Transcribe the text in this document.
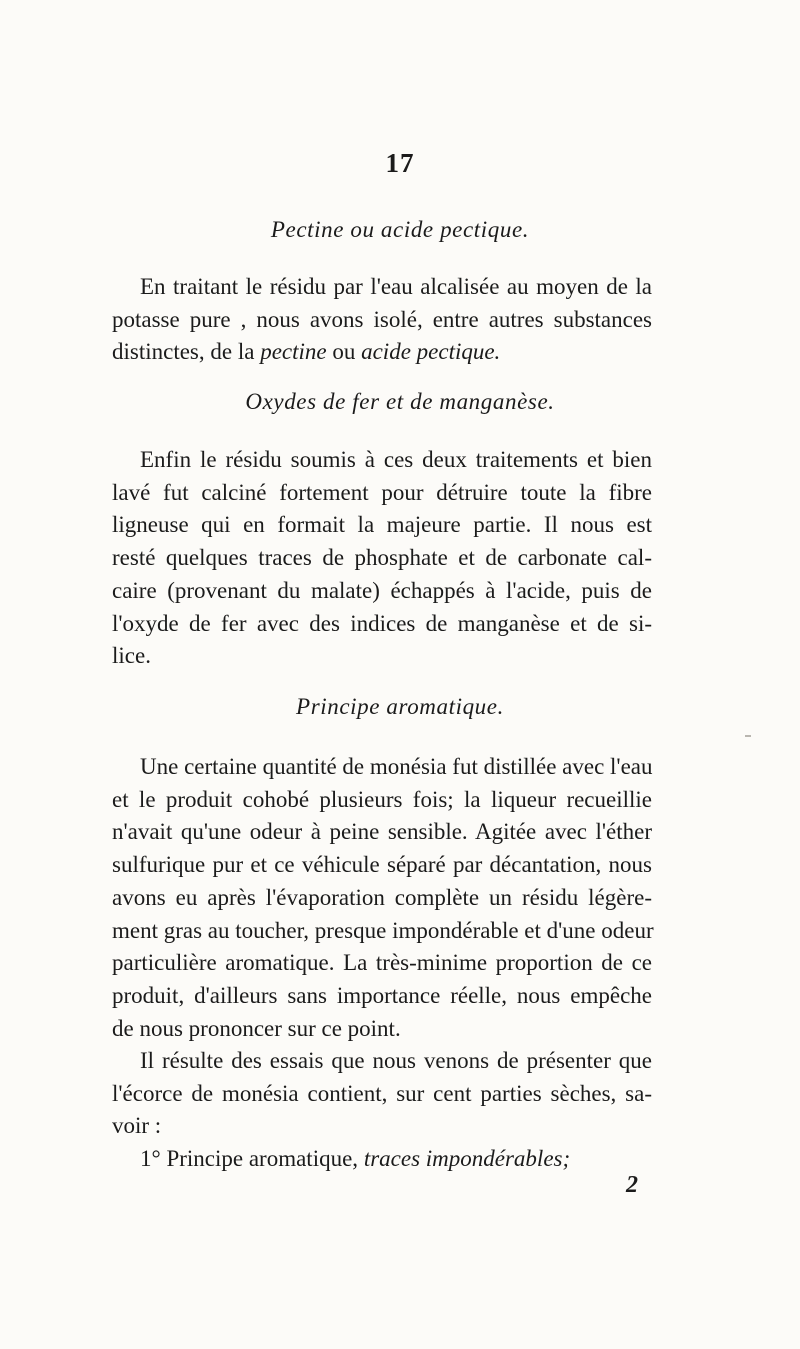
17
Pectine ou acide pectique.
En traitant le résidu par l'eau alcalisée au moyen de la
potasse pure , nous avons isolé, entre autres substances
distinctes, de la pectine ou acide pectique.
Oxydes de fer et de manganèse.
Enfin le résidu soumis à ces deux traitements et bien
lavé fut calciné fortement pour détruire toute la fibre
ligneuse qui en formait la majeure partie. Il nous est
resté quelques traces de phosphate et de carbonate cal-
caire (provenant du malate) échappés à l'acide, puis de
l'oxyde de fer avec des indices de manganèse et de si-
lice.
Principe aromatique.
Une certaine quantité de monésia fut distillée avec l'eau
et le produit cohobé plusieurs fois; la liqueur recueillie
n'avait qu'une odeur à peine sensible. Agitée avec l'éther
sulfurique pur et ce véhicule séparé par décantation, nous
avons eu après l'évaporation complète un résidu légère-
ment gras au toucher, presque impondérable et d'une odeur
particulière aromatique. La très-minime proportion de ce
produit, d'ailleurs sans importance réelle, nous empêche
de nous prononcer sur ce point.
Il résulte des essais que nous venons de présenter que
l'écorce de monésia contient, sur cent parties sèches, sa-
voir :
1° Principe aromatique, traces impondérables;
2
